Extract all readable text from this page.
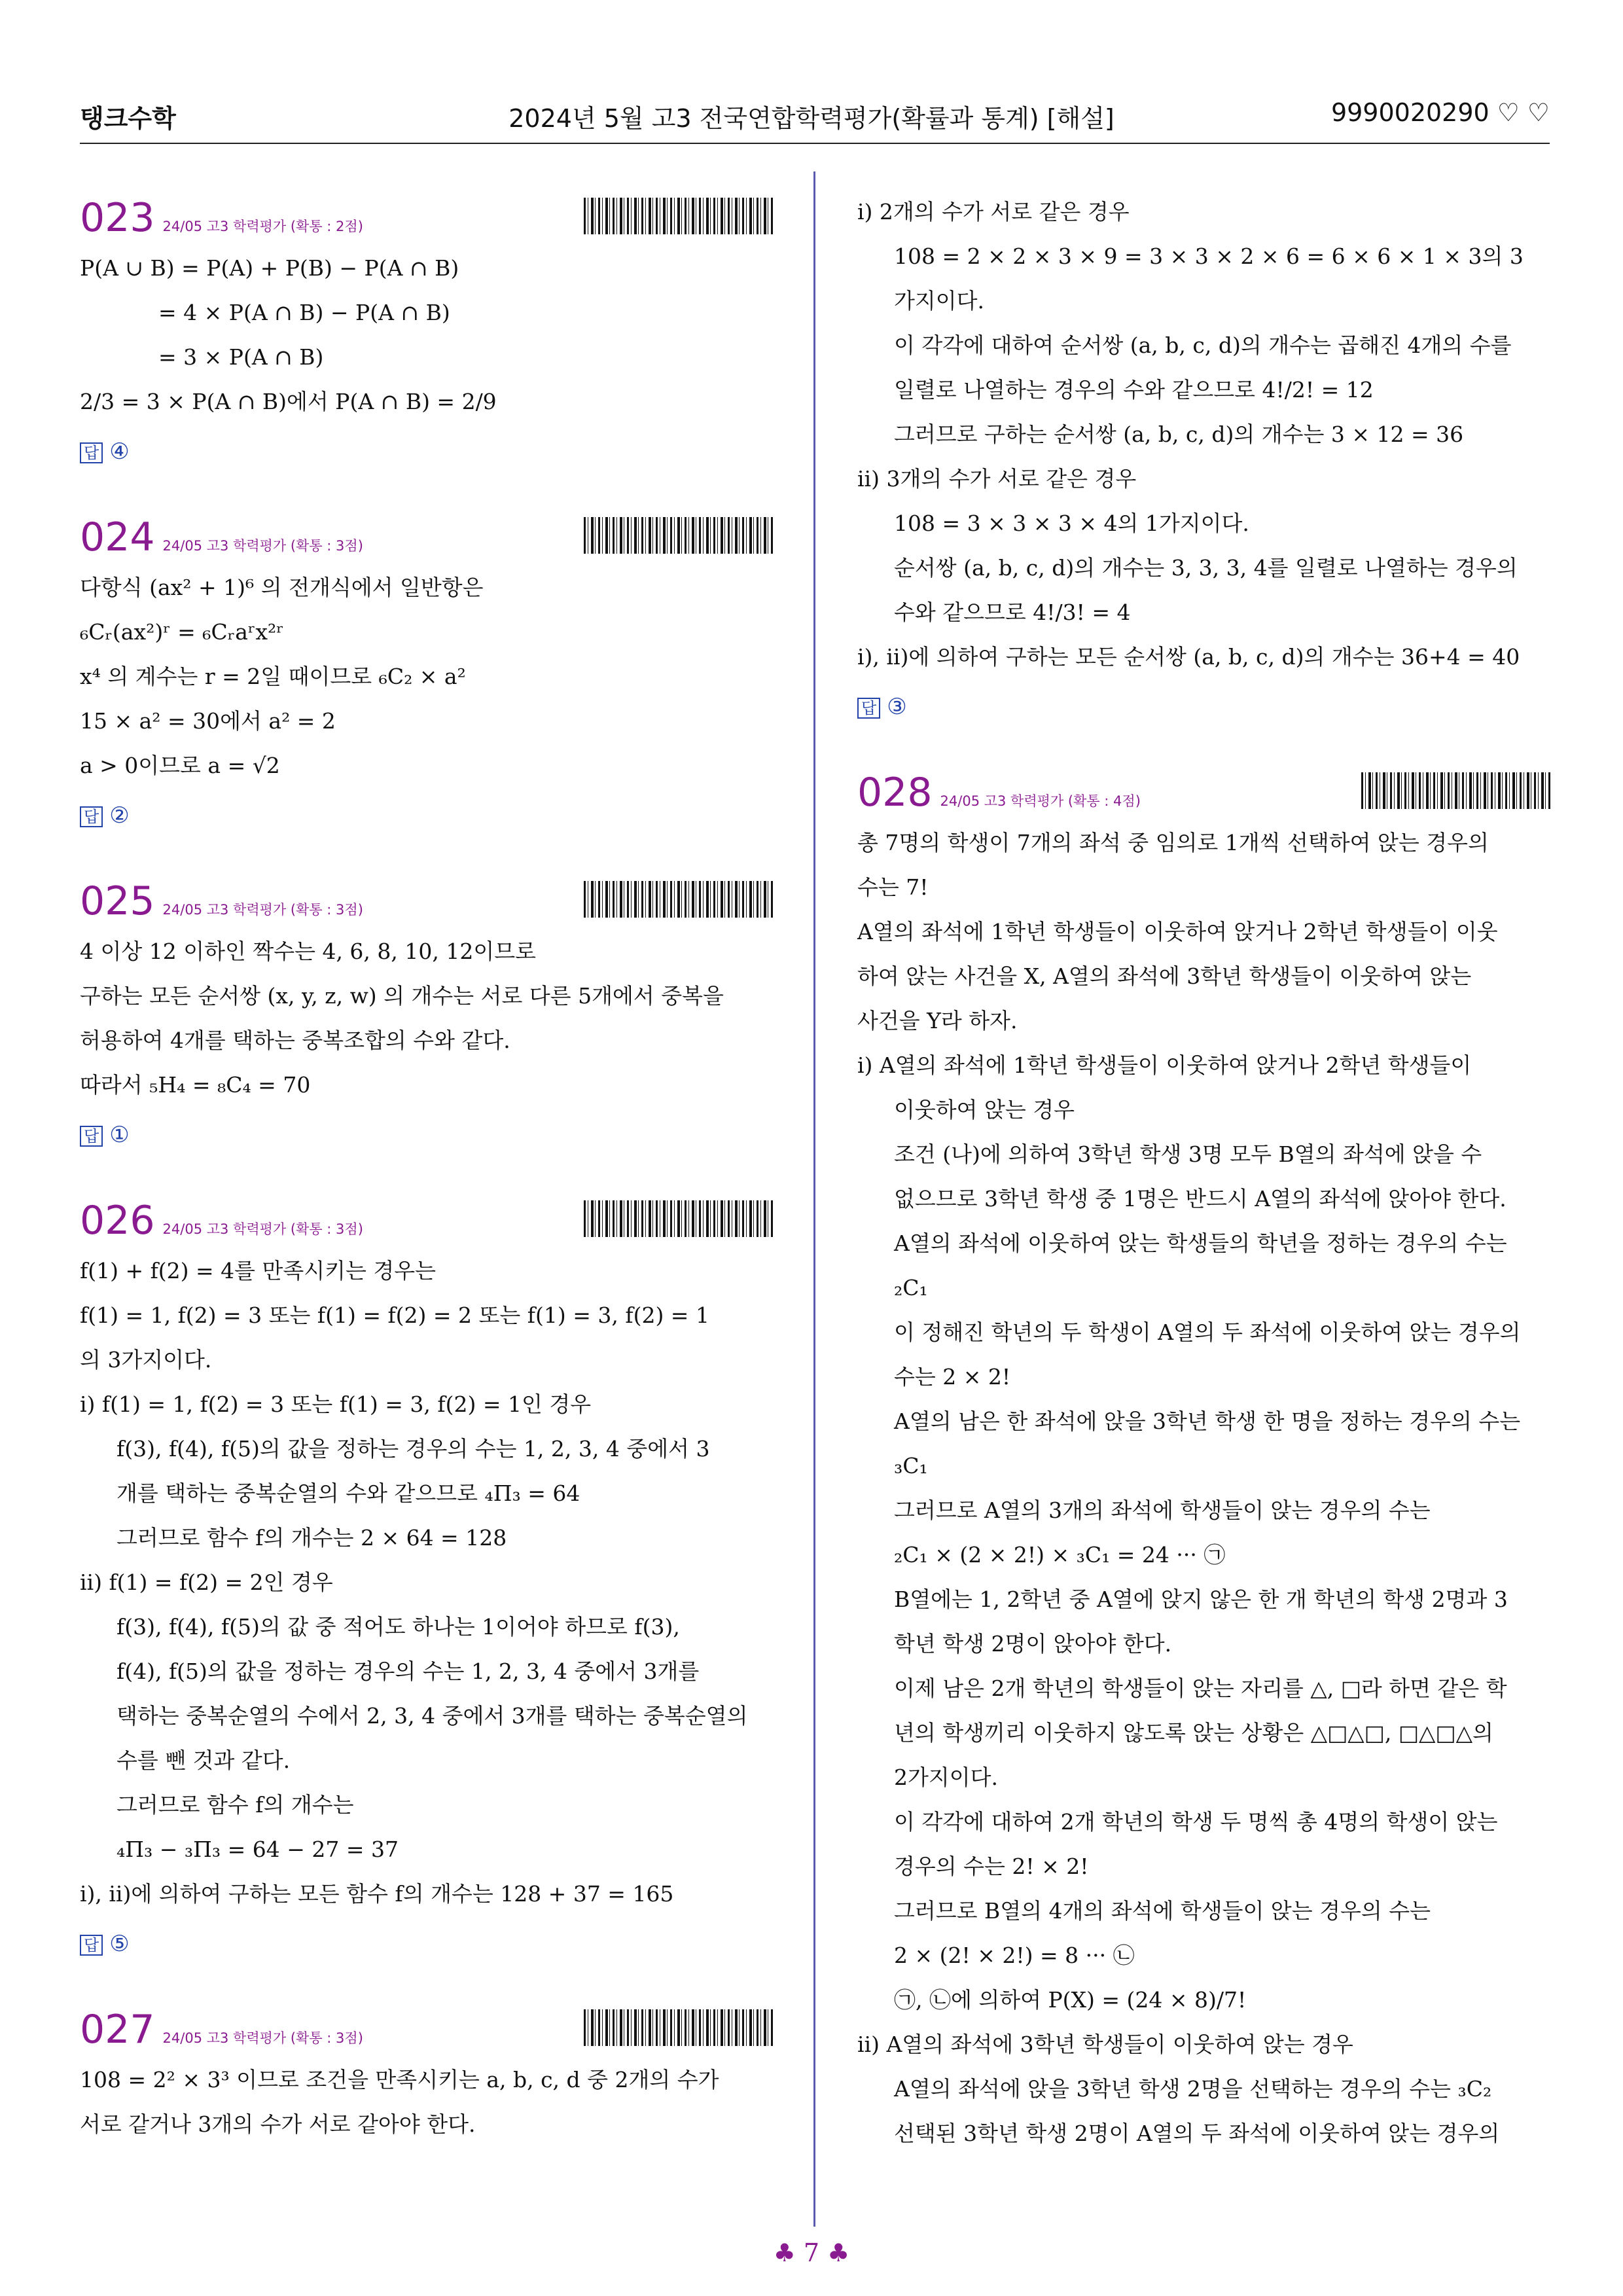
탱크수학	2024년 5월 고3 전국연합학력평가(확률과 통계) [해설]	9990020290 ♡ ♡
023 24/05 고3 학력평가 (확통 : 2점)
P(A ∪ B) = P(A) + P(B) − P(A ∩ B)
= 4 × P(A ∩ B) − P(A ∩ B)
= 3 × P(A ∩ B)
2/3 = 3 × P(A ∩ B)에서 P(A ∩ B) = 2/9
답 ④
024 24/05 고3 학력평가 (확통 : 3점)
다항식 (ax² + 1)⁶ 의 전개식에서 일반항은
₆Cᵣ(ax²)ʳ = ₆Cᵣaʳx²ʳ
x⁴ 의 계수는 r = 2일 때이므로 ₆C₂ × a²
15 × a² = 30에서 a² = 2
a > 0이므로 a = √2
답 ②
025 24/05 고3 학력평가 (확통 : 3점)
4 이상 12 이하인 짝수는 4, 6, 8, 10, 12이므로
구하는 모든 순서쌍 (x, y, z, w) 의 개수는 서로 다른 5개에서 중복을
허용하여 4개를 택하는 중복조합의 수와 같다.
따라서 ₅H₄ = ₈C₄ = 70
답 ①
026 24/05 고3 학력평가 (확통 : 3점)
f(1) + f(2) = 4를 만족시키는 경우는
f(1) = 1, f(2) = 3 또는 f(1) = f(2) = 2 또는 f(1) = 3, f(2) = 1
의 3가지이다.
ⅰ) f(1) = 1, f(2) = 3 또는 f(1) = 3, f(2) = 1인 경우
f(3), f(4), f(5)의 값을 정하는 경우의 수는 1, 2, 3, 4 중에서 3
개를 택하는 중복순열의 수와 같으므로 ₄Π₃ = 64
그러므로 함수 f의 개수는 2 × 64 = 128
ⅱ) f(1) = f(2) = 2인 경우
f(3), f(4), f(5)의 값 중 적어도 하나는 1이어야 하므로 f(3),
f(4), f(5)의 값을 정하는 경우의 수는 1, 2, 3, 4 중에서 3개를
택하는 중복순열의 수에서 2, 3, 4 중에서 3개를 택하는 중복순열의
수를 뺀 것과 같다.
그러므로 함수 f의 개수는
₄Π₃ − ₃Π₃ = 64 − 27 = 37
ⅰ), ⅱ)에 의하여 구하는 모든 함수 f의 개수는 128 + 37 = 165
답 ⑤
027 24/05 고3 학력평가 (확통 : 3점)
108 = 2² × 3³ 이므로 조건을 만족시키는 a, b, c, d 중 2개의 수가
서로 같거나 3개의 수가 서로 같아야 한다.
ⅰ) 2개의 수가 서로 같은 경우
108 = 2 × 2 × 3 × 9 = 3 × 3 × 2 × 6 = 6 × 6 × 1 × 3의 3
가지이다.
이 각각에 대하여 순서쌍 (a, b, c, d)의 개수는 곱해진 4개의 수를
일렬로 나열하는 경우의 수와 같으므로 4!/2! = 12
그러므로 구하는 순서쌍 (a, b, c, d)의 개수는 3 × 12 = 36
ⅱ) 3개의 수가 서로 같은 경우
108 = 3 × 3 × 3 × 4의 1가지이다.
순서쌍 (a, b, c, d)의 개수는 3, 3, 3, 4를 일렬로 나열하는 경우의
수와 같으므로 4!/3! = 4
ⅰ), ⅱ)에 의하여 구하는 모든 순서쌍 (a, b, c, d)의 개수는 36+4 = 40
답 ③
028 24/05 고3 학력평가 (확통 : 4점)
총 7명의 학생이 7개의 좌석 중 임의로 1개씩 선택하여 앉는 경우의
수는 7!
A열의 좌석에 1학년 학생들이 이웃하여 앉거나 2학년 학생들이 이웃
하여 앉는 사건을 X, A열의 좌석에 3학년 학생들이 이웃하여 앉는
사건을 Y라 하자.
ⅰ) A열의 좌석에 1학년 학생들이 이웃하여 앉거나 2학년 학생들이
이웃하여 앉는 경우
조건 (나)에 의하여 3학년 학생 3명 모두 B열의 좌석에 앉을 수
없으므로 3학년 학생 중 1명은 반드시 A열의 좌석에 앉아야 한다.
A열의 좌석에 이웃하여 앉는 학생들의 학년을 정하는 경우의 수는
₂C₁
이 정해진 학년의 두 학생이 A열의 두 좌석에 이웃하여 앉는 경우의
수는 2 × 2!
A열의 남은 한 좌석에 앉을 3학년 학생 한 명을 정하는 경우의 수는
₃C₁
그러므로 A열의 3개의 좌석에 학생들이 앉는 경우의 수는
₂C₁ × (2 × 2!) × ₃C₁ = 24 ··· ㉠
B열에는 1, 2학년 중 A열에 앉지 않은 한 개 학년의 학생 2명과 3
학년 학생 2명이 앉아야 한다.
이제 남은 2개 학년의 학생들이 앉는 자리를 △, □라 하면 같은 학
년의 학생끼리 이웃하지 않도록 앉는 상황은 △□△□, □△□△의
2가지이다.
이 각각에 대하여 2개 학년의 학생 두 명씩 총 4명의 학생이 앉는
경우의 수는 2! × 2!
그러므로 B열의 4개의 좌석에 학생들이 앉는 경우의 수는
2 × (2! × 2!) = 8 ··· ㉡
㉠, ㉡에 의하여 P(X) = (24 × 8)/7!
ⅱ) A열의 좌석에 3학년 학생들이 이웃하여 앉는 경우
A열의 좌석에 앉을 3학년 학생 2명을 선택하는 경우의 수는 ₃C₂
선택된 3학년 학생 2명이 A열의 두 좌석에 이웃하여 앉는 경우의
♣ 7 ♣
